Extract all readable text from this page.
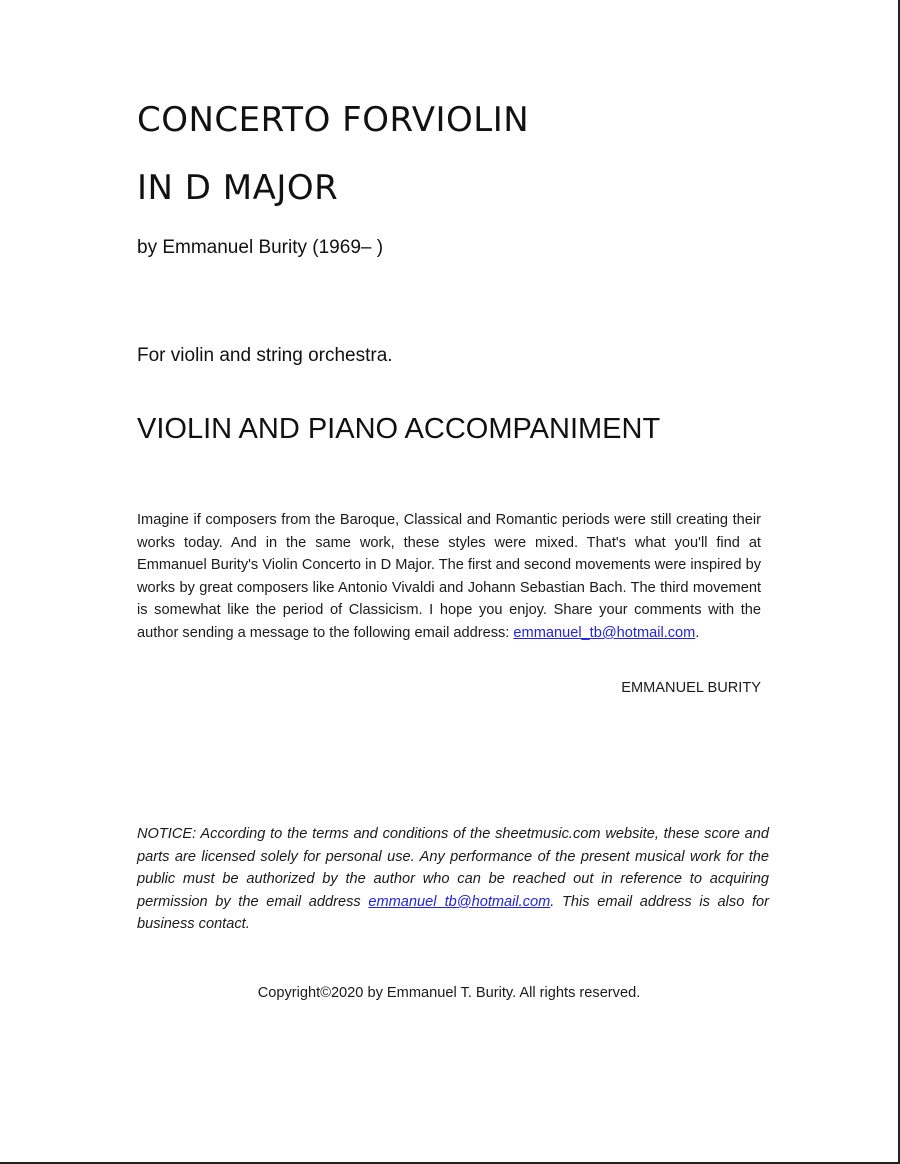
CONCERTO FORVIOLIN
IN D MAJOR
by Emmanuel Burity (1969– )
For violin and string orchestra.
VIOLIN AND PIANO ACCOMPANIMENT
Imagine if composers from the Baroque, Classical and Romantic periods were still creating their works today. And in the same work, these styles were mixed. That's what you'll find at Emmanuel Burity's Violin Concerto in D Major. The first and second movements were inspired by works by great composers like Antonio Vivaldi and Johann Sebastian Bach. The third movement is somewhat like the period of Classicism. I hope you enjoy. Share your comments with the author sending a message to the following email address: emmanuel_tb@hotmail.com.
EMMANUEL BURITY
NOTICE: According to the terms and conditions of the sheetmusic.com website, these score and parts are licensed solely for personal use. Any performance of the present musical work for the public must be authorized by the author who can be reached out in reference to acquiring permission by the email address emmanuel_tb@hotmail.com. This email address is also for business contact.
Copyright©2020 by Emmanuel T. Burity. All rights reserved.
